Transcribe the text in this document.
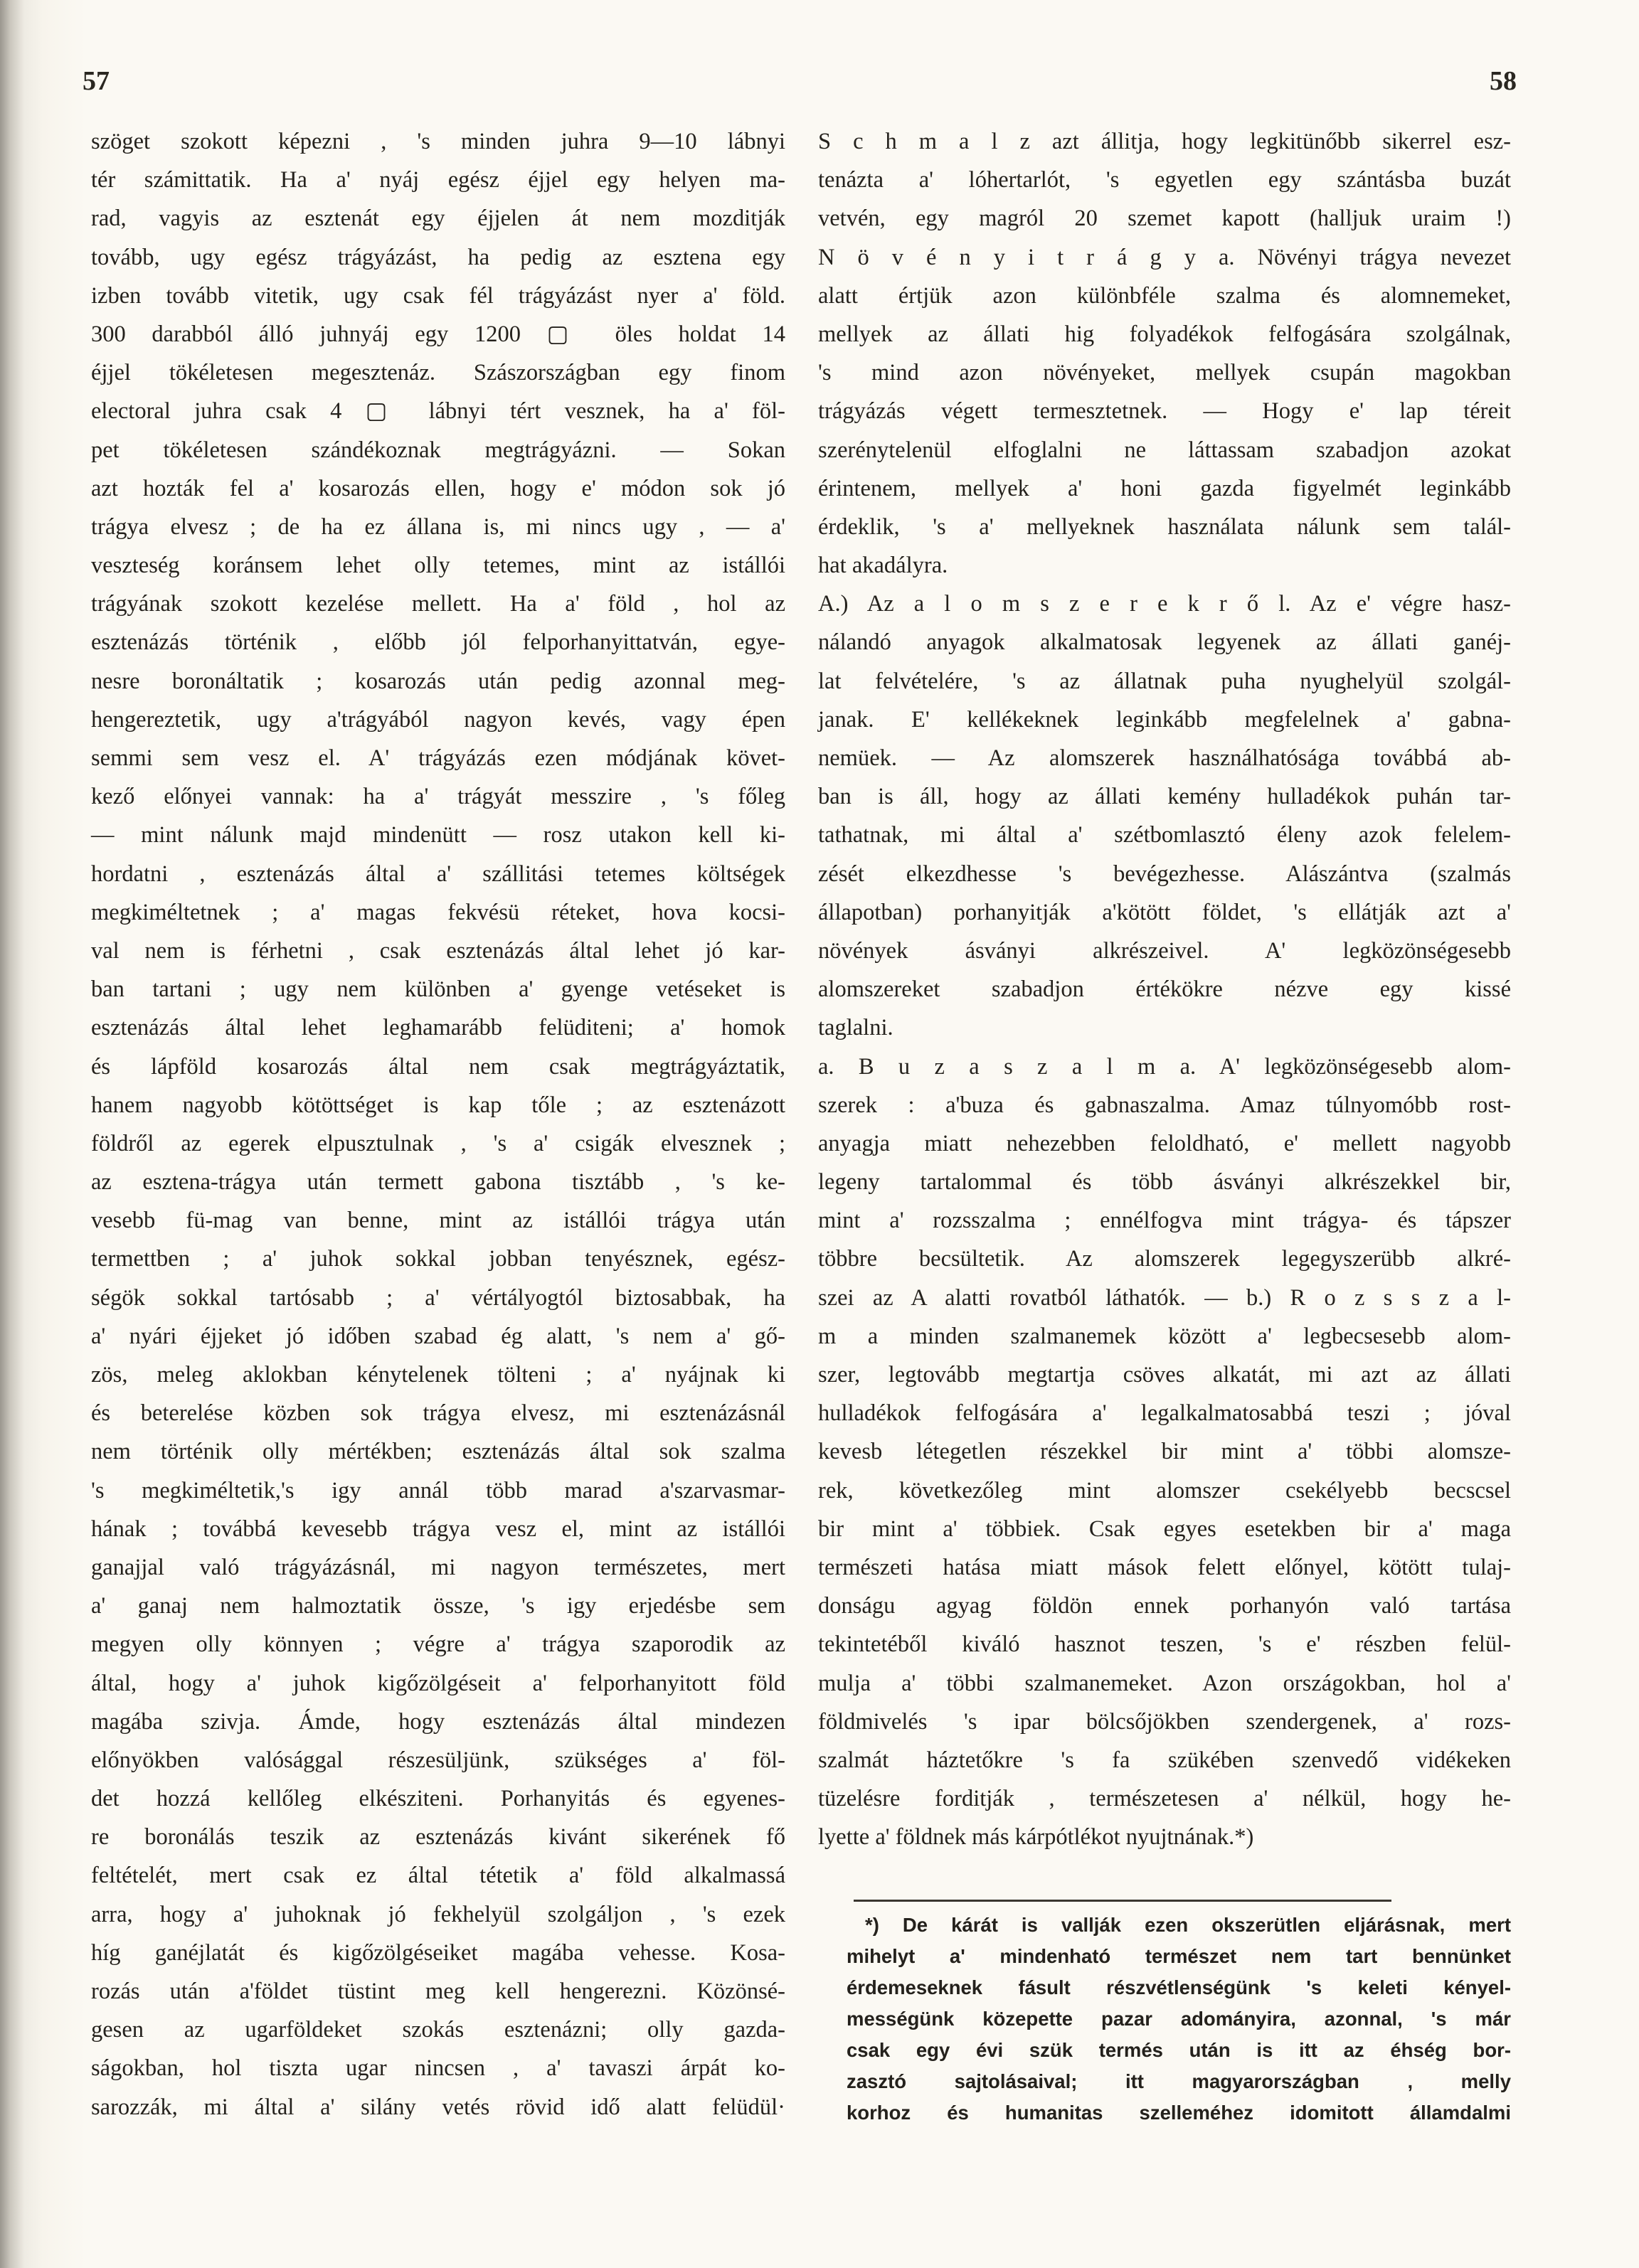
57	58
szöget szokott képezni , 's minden juhra 9—10 lábnyi
tér számittatik. Ha a' nyáj egész éjjel egy helyen ma-
rad, vagyis az esztenát egy éjjelen át nem mozditják
tovább, ugy egész trágyázást, ha pedig az esztena egy
izben tovább vitetik, ugy csak fél trágyázást nyer a' föld.
300 darabból álló juhnyáj egy 1200 ▢ öles holdat 14
éjjel tökéletesen megesztenáz. Szászországban egy finom
electoral juhra csak 4 ▢ lábnyi tért vesznek, ha a' föl-
pet tökéletesen szándékoznak megtrágyázni. — Sokan
azt hozták fel a' kosarozás ellen, hogy e' módon sok jó
trágya elvesz ; de ha ez állana is, mi nincs ugy , — a'
veszteség koránsem lehet olly tetemes, mint az istállói
trágyának szokott kezelése mellett. Ha a' föld , hol az
esztenázás történik , előbb jól felporhanyittatván, egye-
nesre boronáltatik ; kosarozás után pedig azonnal meg-
hengereztetik, ugy a'trágyából nagyon kevés, vagy épen
semmi sem vesz el. A' trágyázás ezen módjának követ-
kező előnyei vannak: ha a' trágyát messzire , 's főleg
— mint nálunk majd mindenütt — rosz utakon kell ki-
hordatni , esztenázás által a' szállitási tetemes költségek
megkiméltetnek ; a' magas fekvésü réteket, hova kocsi-
val nem is férhetni , csak esztenázás által lehet jó kar-
ban tartani ; ugy nem különben a' gyenge vetéseket is
esztenázás által lehet leghamarább felüditeni; a' homok
és lápföld kosarozás által nem csak megtrágyáztatik,
hanem nagyobb kötöttséget is kap tőle ; az esztenázott
földről az egerek elpusztulnak , 's a' csigák elvesznek ;
az esztena-trágya után termett gabona tisztább , 's ke-
vesebb fü-mag van benne, mint az istállói trágya után
termettben ; a' juhok sokkal jobban tenyésznek, egész-
ségök sokkal tartósabb ; a' vértályogtól biztosabbak, ha
a' nyári éjjeket jó időben szabad ég alatt, 's nem a' gő-
zös, meleg aklokban kénytelenek tölteni ; a' nyájnak ki
és beterelése közben sok trágya elvesz, mi esztenázásnál
nem történik olly mértékben; esztenázás által sok szalma
's megkiméltetik,'s igy annál több marad a'szarvasmar-
hának ; továbbá kevesebb trágya vesz el, mint az istállói
ganajjal való trágyázásnál, mi nagyon természetes, mert
a' ganaj nem halmoztatik össze, 's igy erjedésbe sem
megyen olly könnyen ; végre a' trágya szaporodik az
által, hogy a' juhok kigőzölgéseit a' felporhanyitott föld
magába szivja. Ámde, hogy esztenázás által mindezen
előnyökben valósággal részesüljünk, szükséges a' föl-
det hozzá kellőleg elkésziteni. Porhanyitás és egyenes-
re boronálás teszik az esztenázás kivánt sikerének fő
feltételét, mert csak ez által tétetik a' föld alkalmassá
arra, hogy a' juhoknak jó fekhelyül szolgáljon , 's ezek
híg ganéjlatát és kigőzölgéseiket magába vehesse. Kosa-
rozás után a'földet tüstint meg kell hengerezni. Közönsé-
gesen az ugarföldeket szokás esztenázni; olly gazda-
ságokban, hol tiszta ugar nincsen , a' tavaszi árpát ko-
sarozzák, mi által a' silány vetés rövid idő alatt felüdül·
S c h m a l z azt állitja, hogy legkitünőbb sikerrel esz-
tenázta a' lóhertarlót, 's egyetlen egy szántásba buzát
vetvén, egy magról 20 szemet kapott (halljuk uraim !)
N ö v é n y i t r á g y a. Növényi trágya nevezet
alatt értjük azon különbféle szalma és alomnemeket,
mellyek az állati hig folyadékok felfogására szolgálnak,
's mind azon növényeket, mellyek csupán magokban
trágyázás végett termesztetnek. — Hogy e' lap téreit
szerénytelenül elfoglalni ne láttassam szabadjon azokat
érintenem, mellyek a' honi gazda figyelmét leginkább
érdeklik, 's a' mellyeknek használata nálunk sem talál-
hat akadályra.
A.) Az a l o m s z e r e k r ő l. Az e' végre hasz-
nálandó anyagok alkalmatosak legyenek az állati ganéj-
lat felvételére, 's az állatnak puha nyughelyül szolgál-
janak. E' kellékeknek leginkább megfelelnek a' gabna-
nemüek. — Az alomszerek használhatósága továbbá ab-
ban is áll, hogy az állati kemény hulladékok puhán tar-
tathatnak, mi által a' szétbomlasztó éleny azok felelem-
zését elkezdhesse 's bevégezhesse. Alászántva (szalmás
állapotban) porhanyitják a'kötött földet, 's ellátják azt a'
növények ásványi alkrészeivel. A' legközönségesebb
alomszereket szabadjon értékökre nézve egy kissé
taglalni.
a. B u z a s z a l m a. A' legközönségesebb alom-
szerek : a'buza és gabnaszalma. Amaz túlnyomóbb rost-
anyagja miatt nehezebben feloldható, e' mellett nagyobb
legeny tartalommal és több ásványi alkrészekkel bir,
mint a' rozsszalma ; ennélfogva mint trágya- és tápszer
többre becsültetik. Az alomszerek legegyszerübb alkré-
szei az A alatti rovatból láthatók. — b.) R o z s s z a l-
m a minden szalmanemek között a' legbecsesebb alom-
szer, legtovább megtartja csöves alkatát, mi azt az állati
hulladékok felfogására a' legalkalmatosabbá teszi ; jóval
kevesb létegetlen részekkel bir mint a' többi alomsze-
rek, következőleg mint alomszer csekélyebb becscsel
bir mint a' többiek. Csak egyes esetekben bir a' maga
természeti hatása miatt mások felett előnyel, kötött tulaj-
donságu agyag földön ennek porhanyón való tartása
tekintetéből kiváló hasznot teszen, 's e' részben felül-
mulja a' többi szalmanemeket. Azon országokban, hol a'
földmivelés 's ipar bölcsőjökben szendergenek, a' rozs-
szalmát háztetőkre 's fa szükében szenvedő vidékeken
tüzelésre forditják , természetesen a' nélkül, hogy he-
lyette a' földnek más kárpótlékot nyujtnának.*)
*) De kárát is vallják ezen okszerütlen eljárásnak, mert
mihelyt a' mindenható természet nem tart bennünket
érdemeseknek fásult részvétlenségünk 's keleti kényel-
mességünk közepette pazar adományira, azonnal, 's már
csak egy évi szük termés után is itt az éhség bor-
zasztó sajtolásaival; itt magyarországban , melly
korhoz és humanitas szelleméhez idomitott államdalmi
